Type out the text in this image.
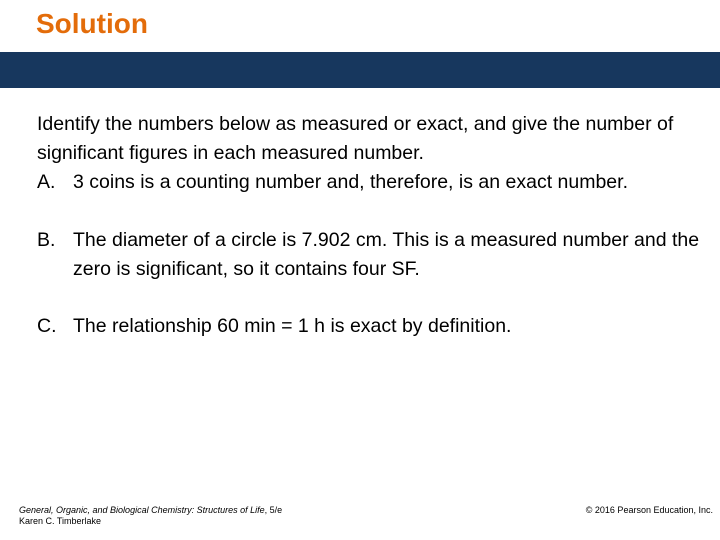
Solution

Identify the numbers below as measured or exact, and give the number of significant figures in each measured number.

A. 3 coins is a counting number and, therefore, is an exact number.
B. The diameter of a circle is 7.902 cm. This is a measured number and the zero is significant, so it contains four SF.
C. The relationship 60 min = 1 h is exact by definition.
General, Organic, and Biological Chemistry: Structures of Life, 5/e
Karen C. Timberlake
© 2016 Pearson Education, Inc.
